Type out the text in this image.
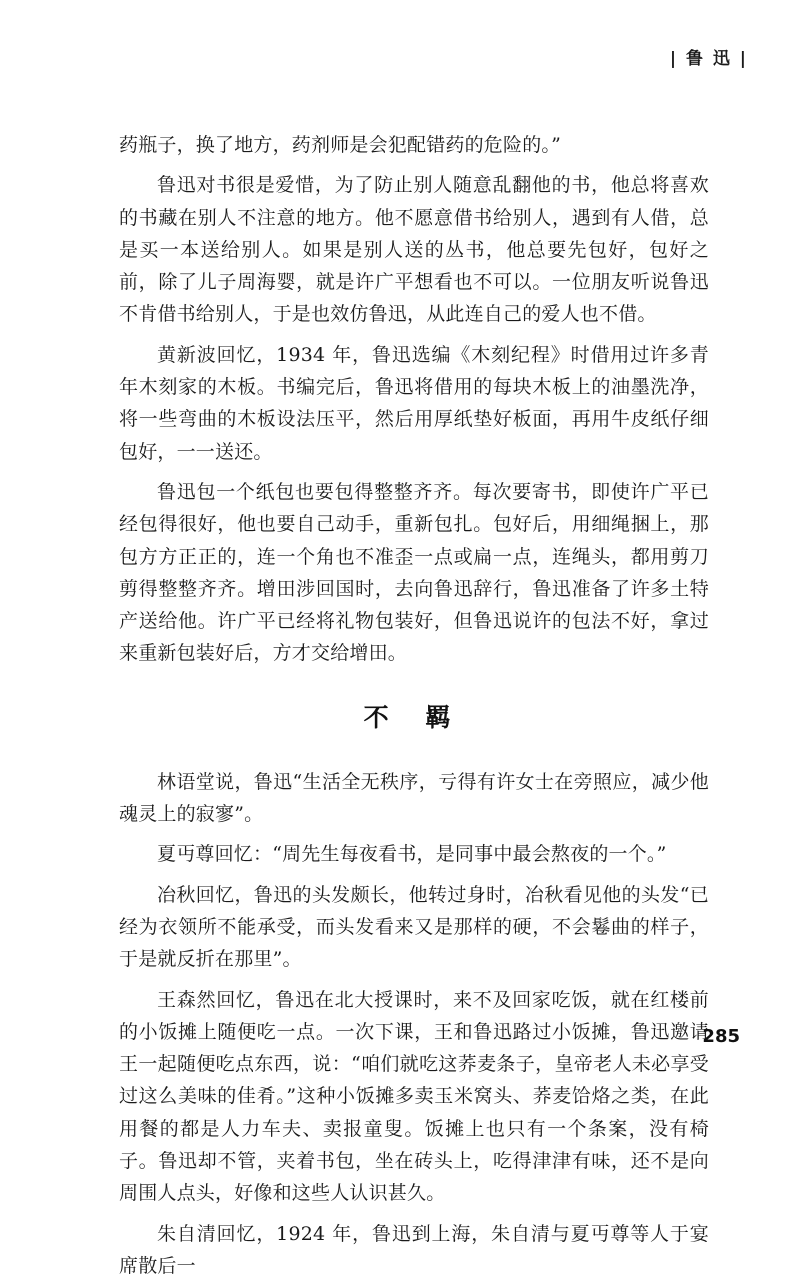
| 鲁 迅 |

药瓶子，换了地方，药剂师是会犯配错药的危险的。”

鲁迅对书很是爱惜，为了防止别人随意乱翻他的书，他总将喜欢的书藏在别人不注意的地方。他不愿意借书给别人，遇到有人借，总是买一本送给别人。如果是别人送的丛书，他总要先包好，包好之前，除了儿子周海婴，就是许广平想看也不可以。一位朋友听说鲁迅不肯借书给别人，于是也效仿鲁迅，从此连自己的爱人也不借。

黄新波回忆，1934 年，鲁迅选编《木刻纪程》时借用过许多青年木刻家的木板。书编完后，鲁迅将借用的每块木板上的油墨洗净，将一些弯曲的木板设法压平，然后用厚纸垫好板面，再用牛皮纸仔细包好，一一送还。

鲁迅包一个纸包也要包得整整齐齐。每次要寄书，即使许广平已经包得很好，他也要自己动手，重新包扎。包好后，用细绳捆上，那包方方正正的，连一个角也不准歪一点或扁一点，连绳头，都用剪刀剪得整整齐齐。增田涉回国时，去向鲁迅辞行，鲁迅准备了许多土特产送给他。许广平已经将礼物包装好，但鲁迅说许的包法不好，拿过来重新包装好后，方才交给增田。

不 羁

林语堂说，鲁迅“生活全无秩序，亏得有许女士在旁照应，减少他魂灵上的寂寥”。

夏丏尊回忆：“周先生每夜看书，是同事中最会熬夜的一个。”

冶秋回忆，鲁迅的头发颇长，他转过身时，冶秋看见他的头发“已经为衣领所不能承受，而头发看来又是那样的硬，不会鬈曲的样子，于是就反折在那里”。

王森然回忆，鲁迅在北大授课时，来不及回家吃饭，就在红楼前的小饭摊上随便吃一点。一次下课，王和鲁迅路过小饭摊，鲁迅邀请王一起随便吃点东西，说：“咱们就吃这荞麦条子，皇帝老人未必享受过这么美味的佳肴。”这种小饭摊多卖玉米窝头、荞麦饸烙之类，在此用餐的都是人力车夫、卖报童叟。饭摊上也只有一个条案，没有椅子。鲁迅却不管，夹着书包，坐在砖头上，吃得津津有味，还不是向周围人点头，好像和这些人认识甚久。

朱自清回忆，1924 年，鲁迅到上海，朱自清与夏丏尊等人于宴席散后一

285
